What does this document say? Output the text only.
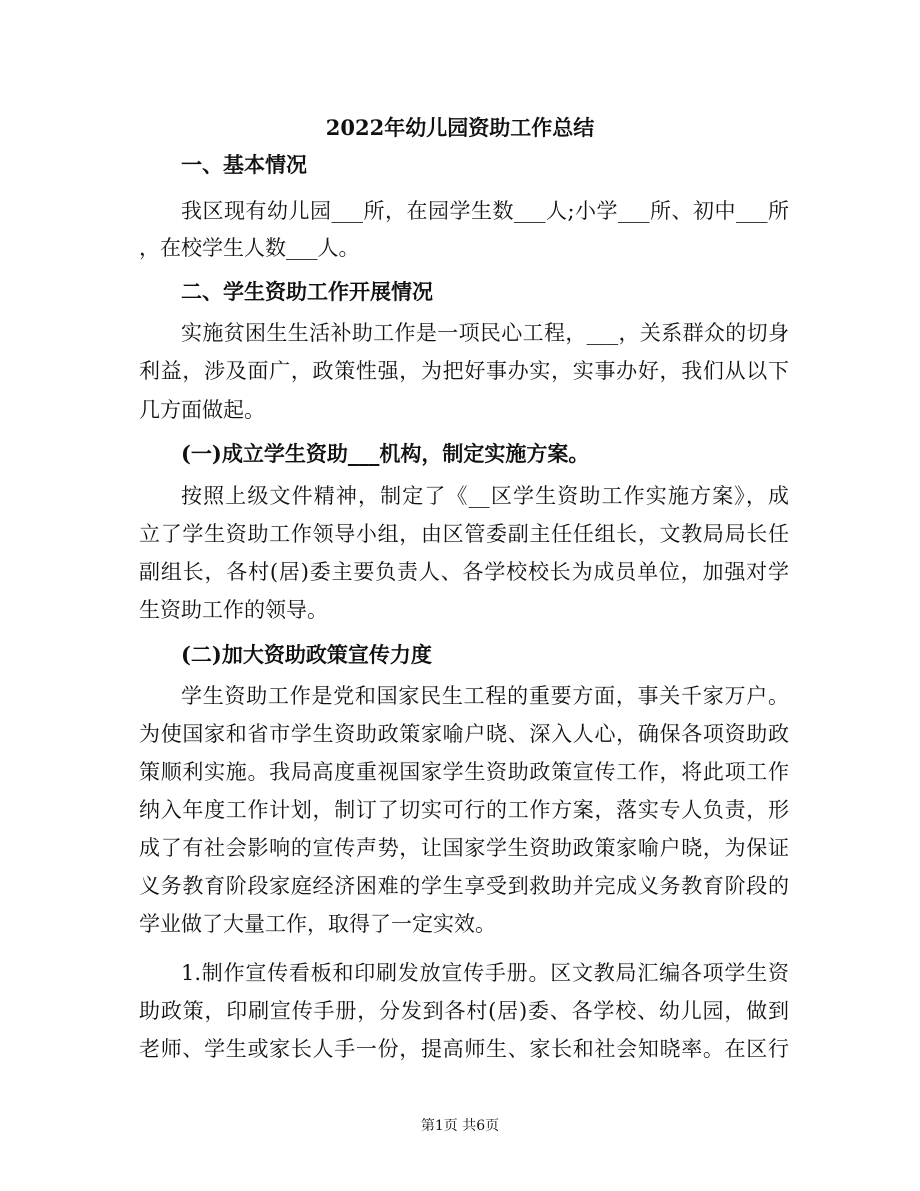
2022年幼儿园资助工作总结
一、基本情况
我区现有幼儿园___所，在园学生数___人;小学___所、初中___所
，在校学生人数___人。
二、学生资助工作开展情况
实施贫困生生活补助工作是一项民心工程，___，关系群众的切身
利益，涉及面广，政策性强，为把好事办实，实事办好，我们从以下
几方面做起。
(一)成立学生资助___机构，制定实施方案。
按照上级文件精神，制定了《__区学生资助工作实施方案》，成
立了学生资助工作领导小组，由区管委副主任任组长，文教局局长任
副组长，各村(居)委主要负责人、各学校校长为成员单位，加强对学
生资助工作的领导。
(二)加大资助政策宣传力度
学生资助工作是党和国家民生工程的重要方面，事关千家万户。
为使国家和省市学生资助政策家喻户晓、深入人心，确保各项资助政
策顺利实施。我局高度重视国家学生资助政策宣传工作，将此项工作
纳入年度工作计划，制订了切实可行的工作方案，落实专人负责，形
成了有社会影响的宣传声势，让国家学生资助政策家喻户晓，为保证
义务教育阶段家庭经济困难的学生享受到救助并完成义务教育阶段的
学业做了大量工作，取得了一定实效。
1.制作宣传看板和印刷发放宣传手册。区文教局汇编各项学生资
助政策，印刷宣传手册，分发到各村(居)委、各学校、幼儿园，做到
老师、学生或家长人手一份，提高师生、家长和社会知晓率。在区行
第1页 共6页
